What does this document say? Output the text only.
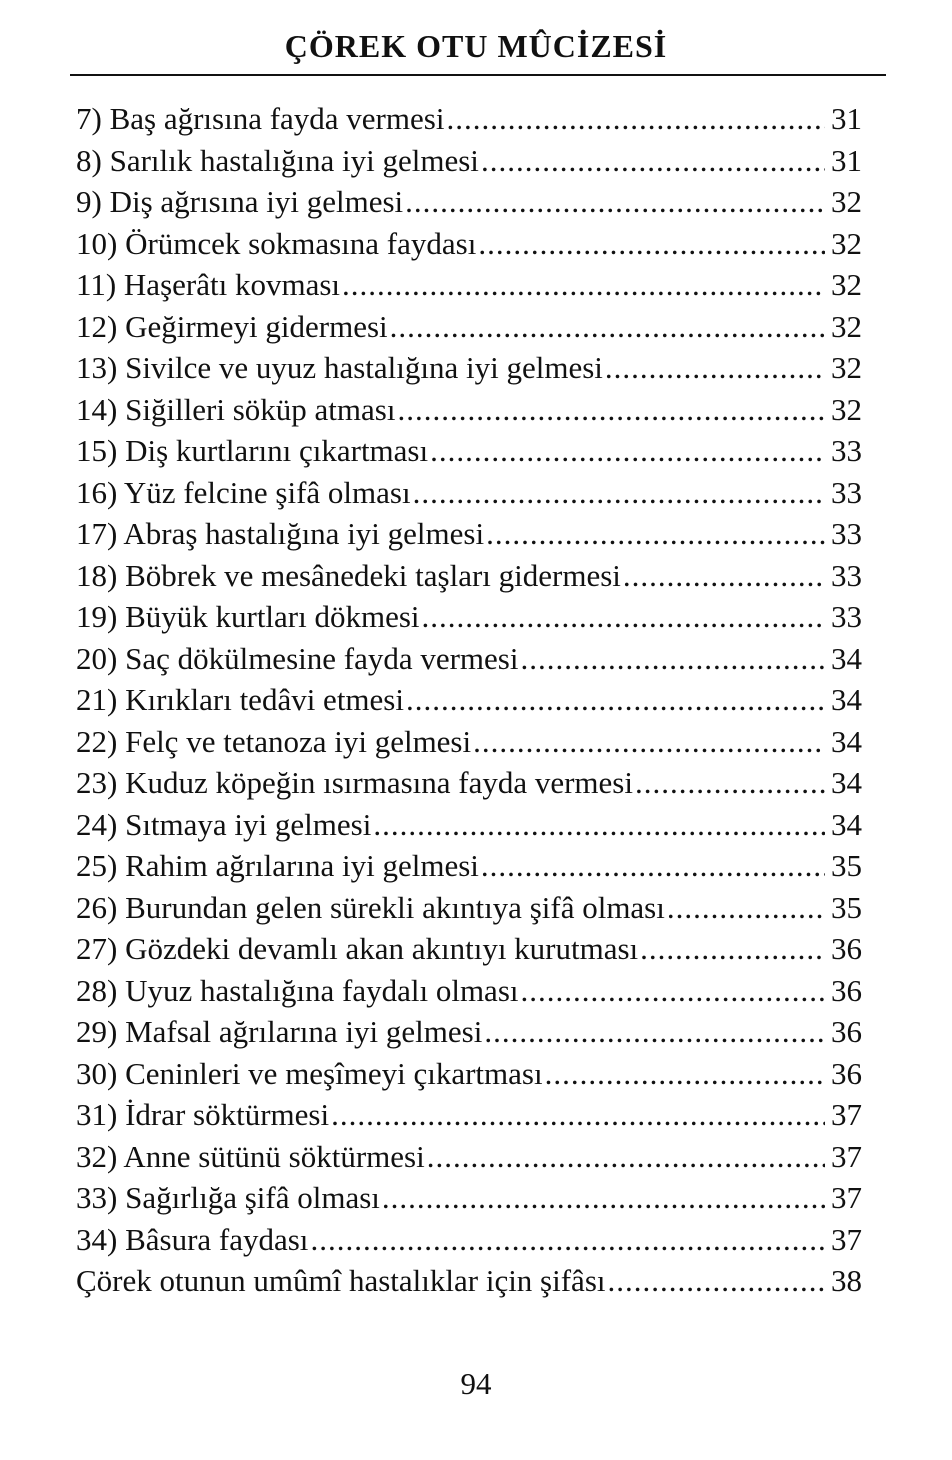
ÇÖREK OTU MÛCİZESİ
7) Baş ağrısına fayda vermesi .....	31
8) Sarılık hastalığına iyi gelmesi .....	31
9) Diş ağrısına iyi gelmesi .....	32
10) Örümcek sokmasına faydası .....	32
11) Haşerâtı kovması .....	32
12) Geğirmeyi gidermesi .....	32
13) Sivilce ve uyuz hastalığına iyi gelmesi .....	32
14) Siğilleri söküp atması .....	32
15) Diş kurtlarını çıkartması .....	33
16) Yüz felcine şifâ olması .....	33
17) Abraş hastalığına iyi gelmesi .....	33
18) Böbrek ve mesânedeki taşları gidermesi .....	33
19) Büyük kurtları dökmesi .....	33
20) Saç dökülmesine fayda vermesi .....	34
21) Kırıkları tedâvi etmesi .....	34
22) Felç ve tetanoza iyi gelmesi .....	34
23) Kuduz köpeğin ısırmasına fayda vermesi .....	34
24) Sıtmaya iyi gelmesi .....	34
25) Rahim ağrılarına iyi gelmesi .....	35
26) Burundan gelen sürekli akıntıya şifâ olması .....	35
27) Gözdeki devamlı akan akıntıyı kurutması .....	36
28) Uyuz hastalığına faydalı olması .....	36
29) Mafsal ağrılarına iyi gelmesi .....	36
30) Ceninleri ve meşîmeyi çıkartması .....	36
31) İdrar söktürmesi .....	37
32) Anne sütünü söktürmesi .....	37
33) Sağırlığa şifâ olması .....	37
34) Bâsura faydası .....	37
Çörek otunun umûmî hastalıklar için şifâsı .....	38
94
